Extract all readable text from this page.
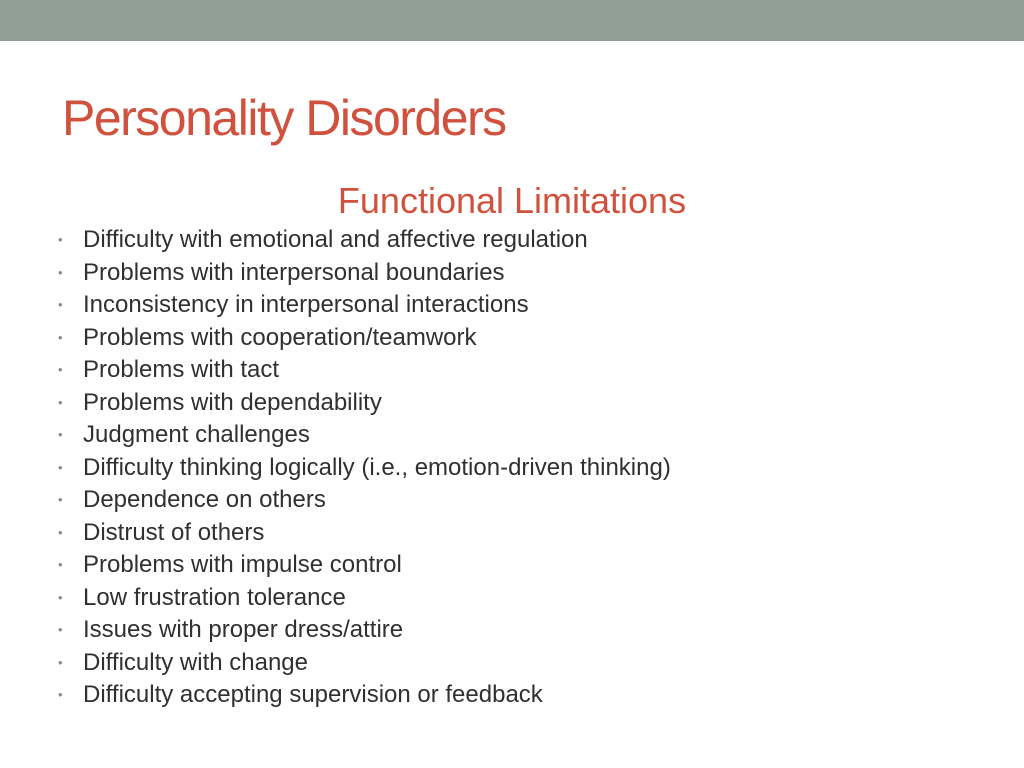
Personality Disorders
Functional Limitations
• Difficulty with emotional and affective regulation
• Problems with interpersonal boundaries
• Inconsistency in interpersonal interactions
• Problems with cooperation/teamwork
• Problems with tact
• Problems with dependability
• Judgment challenges
• Difficulty thinking logically (i.e., emotion-driven thinking)
• Dependence on others
• Distrust of others
• Problems with impulse control
• Low frustration tolerance
• Issues with proper dress/attire
• Difficulty with change
• Difficulty accepting supervision or feedback
